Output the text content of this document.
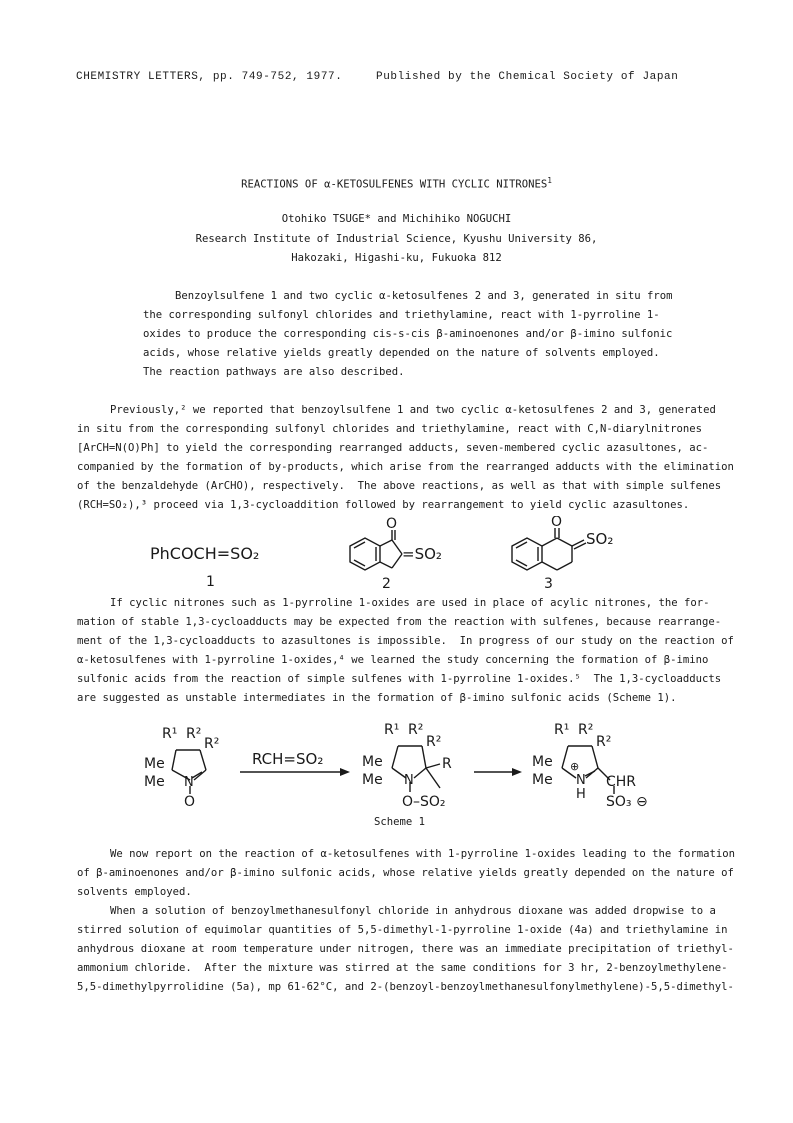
CHEMISTRY LETTERS, pp. 749-752, 1977.	Published by the Chemical Society of Japan
REACTIONS OF α-KETOSULFENES WITH CYCLIC NITRONES$^1$
Otohiko TSUGE* and Michihiko NOGUCHI
Research Institute of Industrial Science, Kyushu University 86,
Hakozaki, Higashi-ku, Fukuoka 812
Benzoylsulfene 1 and two cyclic α-ketosulfenes 2 and 3, generated in situ from
the corresponding sulfonyl chlorides and triethylamine, react with 1-pyrroline 1-
oxides to produce the corresponding cis-s-cis β-aminoenones and/or β-imino sulfonic
acids, whose relative yields greatly depended on the nature of solvents employed.
The reaction pathways are also described.
Previously,² we reported that benzoylsulfene 1 and two cyclic α-ketosulfenes 2 and 3, generated
in situ from the corresponding sulfonyl chlorides and triethylamine, react with C,N-diarylnitrones
[ArCH=N(O)Ph] to yield the corresponding rearranged adducts, seven-membered cyclic azasultones, ac-
companied by the formation of by-products, which arise from the rearranged adducts with the elimination
of the benzaldehyde (ArCHO), respectively.  The above reactions, as well as that with simple sulfenes
(RCH=SO₂),³ proceed via 1,3-cycloaddition followed by rearrangement to yield cyclic azasultones.
PhCOCH=SO₂
1
O
=SO₂
2
O
SO₂
3
If cyclic nitrones such as 1-pyrroline 1-oxides are used in place of acylic nitrones, the for-
mation of stable 1,3-cycloadducts may be expected from the reaction with sulfenes, because rearrange-
ment of the 1,3-cycloadducts to azasultones is impossible.  In progress of our study on the reaction of
α-ketosulfenes with 1-pyrroline 1-oxides,⁴ we learned the study concerning the formation of β-imino
sulfonic acids from the reaction of simple sulfenes with 1-pyrroline 1-oxides.⁵  The 1,3-cycloadducts
are suggested as unstable intermediates in the formation of β-imino sulfonic acids (Scheme 1).
R¹ R²
R²
Me
Me N
O
RCH=SO₂
R¹ R²
R²
Me
Me N
R
O–SO₂
R¹ R²
R²
Me
Me
⊕
N
H
CHR
SO₃ ⊖
Scheme 1
We now report on the reaction of α-ketosulfenes with 1-pyrroline 1-oxides leading to the formation
of β-aminoenones and/or β-imino sulfonic acids, whose relative yields greatly depended on the nature of
solvents employed.
When a solution of benzoylmethanesulfonyl chloride in anhydrous dioxane was added dropwise to a
stirred solution of equimolar quantities of 5,5-dimethyl-1-pyrroline 1-oxide (4a) and triethylamine in
anhydrous dioxane at room temperature under nitrogen, there was an immediate precipitation of triethyl-
ammonium chloride.  After the mixture was stirred at the same conditions for 3 hr, 2-benzoylmethylene-
5,5-dimethylpyrrolidine (5a), mp 61-62°C, and 2-(benzoyl-benzoylmethanesulfonylmethylene)-5,5-dimethyl-
